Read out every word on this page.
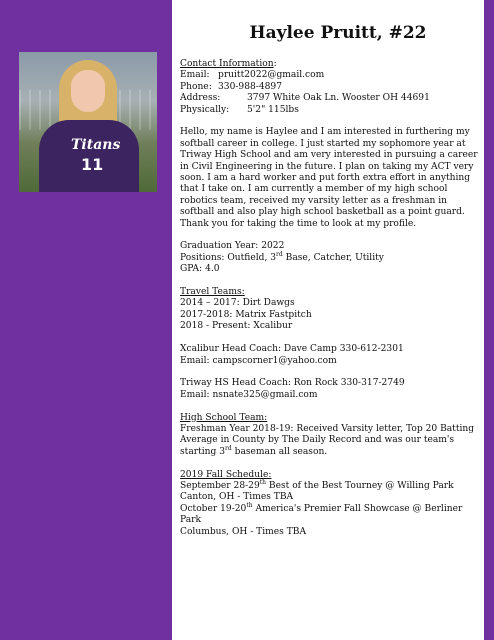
Titans
11
Haylee Pruitt, #22
Contact Information:
Email: pruitt2022@gmail.com
Phone: 330-988-4897
Address:	3797 White Oak Ln. Wooster OH 44691
Physically:	5'2" 115lbs

Hello, my name is Haylee and I am interested in furthering my softball career in college. I just started my sophomore year at Triway High School and am very interested in pursuing a career in Civil Engineering in the future. I plan on taking my ACT very soon. I am a hard worker and put forth extra effort in anything that I take on. I am currently a member of my high school robotics team, received my varsity letter as a freshman in softball and also play high school basketball as a point guard. Thank you for taking the time to look at my profile.

Graduation Year: 2022
Positions: Outfield, 3rd Base, Catcher, Utility
GPA: 4.0
Travel Teams:
2014 – 2017: Dirt Dawgs
2017-2018: Matrix Fastpitch
2018 - Present: Xcalibur
Xcalibur Head Coach: Dave Camp 330-612-2301
Email: campscorner1@yahoo.com
Triway HS Head Coach: Ron Rock 330-317-2749
Email: nsnate325@gmail.com
High School Team:
Freshman Year 2018-19: Received Varsity letter, Top 20 Batting Average in County by The Daily Record and was our team's starting 3rd baseman all season.
2019 Fall Schedule:
September 28-29th Best of the Best Tourney @ Willing Park
Canton, OH - Times TBA
October 19-20th America's Premier Fall Showcase @ Berliner Park
Columbus, OH - Times TBA
